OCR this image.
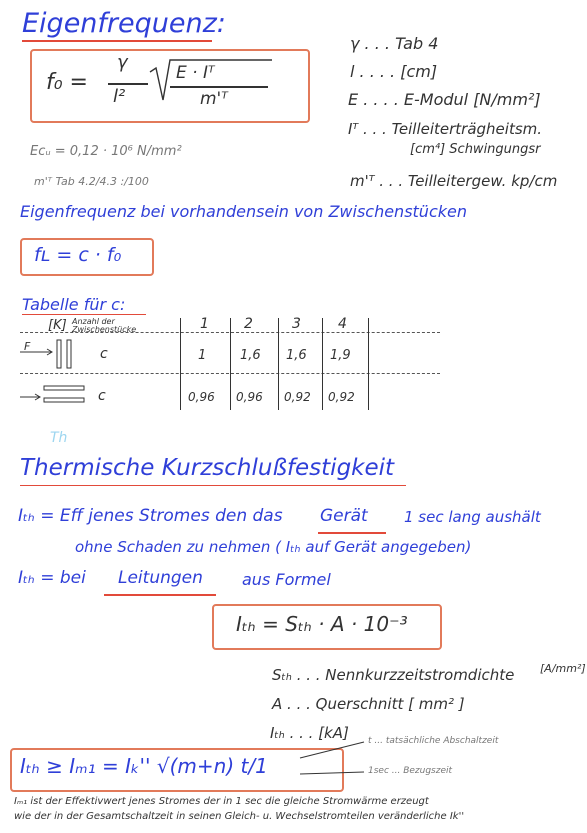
Eigenfrequenz:
f₀ =
γ
l²
E · Iᵀ
m'ᵀ
γ . . . Tab 4
l . . . . [cm]
E . . . . E-Modul [N/mm²]
Iᵀ . . . Teilleiterträgheitsm.
[cm⁴] Schwingungsr
m'ᵀ . . . Teilleitergew. kp/cm
Eᴄᵤ = 0,12 · 10⁶ N/mm²
m'ᵀ Tab 4.2/4.3 :/100
Eigenfrequenz bei vorhandensein von Zwischenstücken
fʟ = c · f₀
Tabelle für c:
[K] Anzahl der Zwischenstücke	1	2	3	4
F	c	1	1,6 1,6 1,9
c	0,96 0,96 0,92 0,92
Th
Thermische Kurzschlußfestigkeit
Iₜₕ = Eff jenes Stromes den das Gerät 1 sec lang aushält
ohne Schaden zu nehmen ( Iₜₕ auf Gerät angegeben)
Iₜₕ = bei Leitungen aus Formel
Iₜₕ = Sₜₕ · A · 10⁻³
Sₜₕ . . . Nennkurzzeitstromdichte [A/mm²]
A . . . Querschnitt [ mm² ]
Iₜₕ . . . [kA]
Iₜₕ ≥ Iₘ₁ = Iₖ'' √(m+n) t/1
t ... tatsächliche Abschaltzeit
1sec ... Bezugszeit
Iₘ₁ ist der Effektivwert jenes Stromes der in 1 sec die gleiche Stromwärme erzeugt
wie der in der Gesamtschaltzeit in seinen Gleich- u. Wechselstromteilen veränderliche Ik''
